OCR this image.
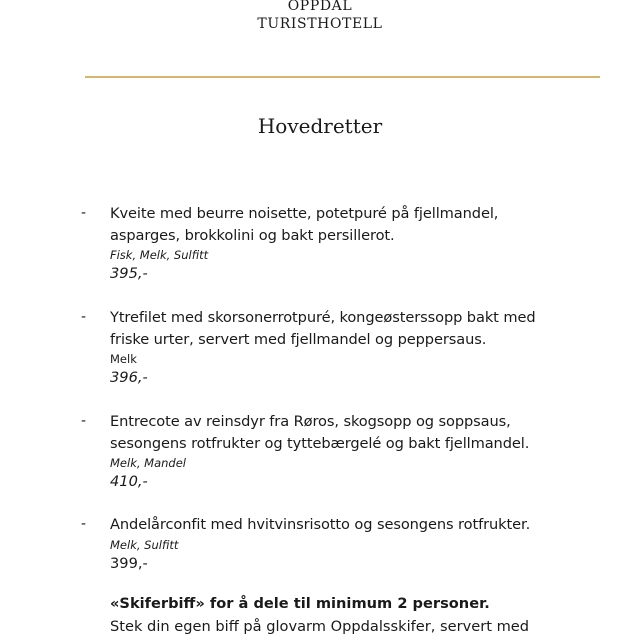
OPPDAL
TURISTHOTELL
Hovedretter
- Kveite med beurre noisette, potetpuré på fjellmandel,
asparges, brokkolini og bakt persillerot.
Fisk, Melk, Sulfitt
395,-
- Ytrefilet med skorsonerrotpuré, kongeøsterssopp bakt med
friske urter, servert med fjellmandel og peppersaus.
Melk
396,-
- Entrecote av reinsdyr fra Røros, skogsopp og soppsaus,
sesongens rotfrukter og tyttebærgelé og bakt fjellmandel.
Melk, Mandel
410,-
- Andelårconfit med hvitvinsrisotto og sesongens rotfrukter.
Melk, Sulfitt
399,-
«Skiferbiff» for å dele til minimum 2 personer.
Stek din egen biff på glovarm Oppdalsskifer, servert med
